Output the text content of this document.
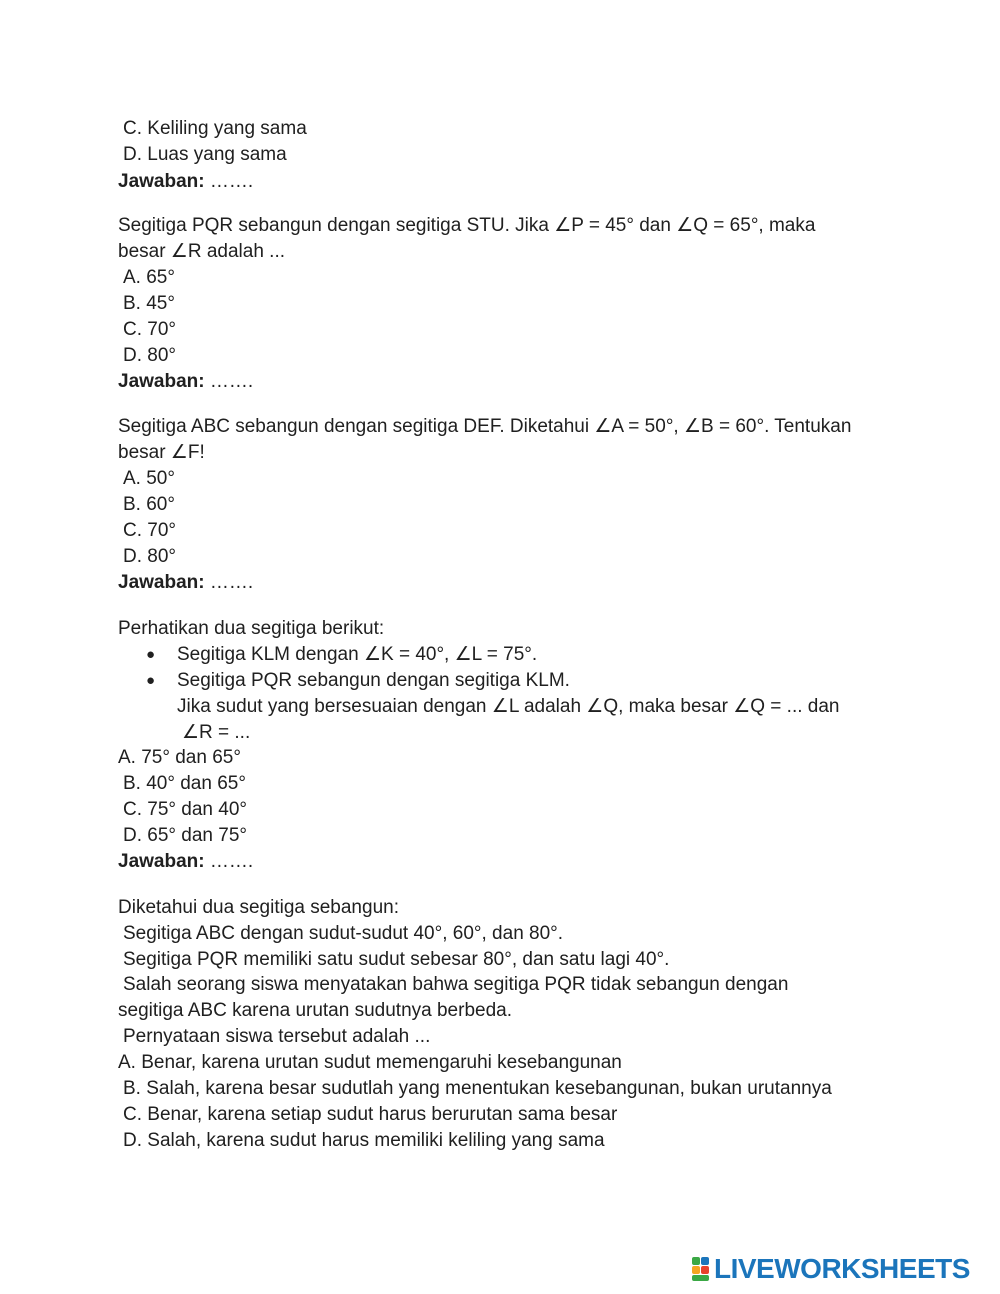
C. Keliling yang sama

D. Luas yang sama

Jawaban: …….

Segitiga PQR sebangun dengan segitiga STU. Jika ∠P = 45° dan ∠Q = 65°, maka

besar ∠R adalah ...

A. 65°

B. 45°

C. 70°

D. 80°

Jawaban: …….

Segitiga ABC sebangun dengan segitiga DEF. Diketahui ∠A = 50°, ∠B = 60°. Tentukan

besar ∠F!

A. 50°

B. 60°

C. 70°

D. 80°

Jawaban: …….

Perhatikan dua segitiga berikut:

● Segitiga KLM dengan ∠K = 40°, ∠L = 75°.

● Segitiga PQR sebangun dengan segitiga KLM.

Jika sudut yang bersesuaian dengan ∠L adalah ∠Q, maka besar ∠Q = ... dan

∠R = ...

A. 75° dan 65°

B. 40° dan 65°

C. 75° dan 40°

D. 65° dan 75°

Jawaban: …….

Diketahui dua segitiga sebangun:

Segitiga ABC dengan sudut-sudut 40°, 60°, dan 80°.

Segitiga PQR memiliki satu sudut sebesar 80°, dan satu lagi 40°.

Salah seorang siswa menyatakan bahwa segitiga PQR tidak sebangun dengan

segitiga ABC karena urutan sudutnya berbeda.

Pernyataan siswa tersebut adalah ...

A. Benar, karena urutan sudut memengaruhi kesebangunan

B. Salah, karena besar sudutlah yang menentukan kesebangunan, bukan urutannya

C. Benar, karena setiap sudut harus berurutan sama besar

D. Salah, karena sudut harus memiliki keliling yang sama

LIVEWORKSHEETS
